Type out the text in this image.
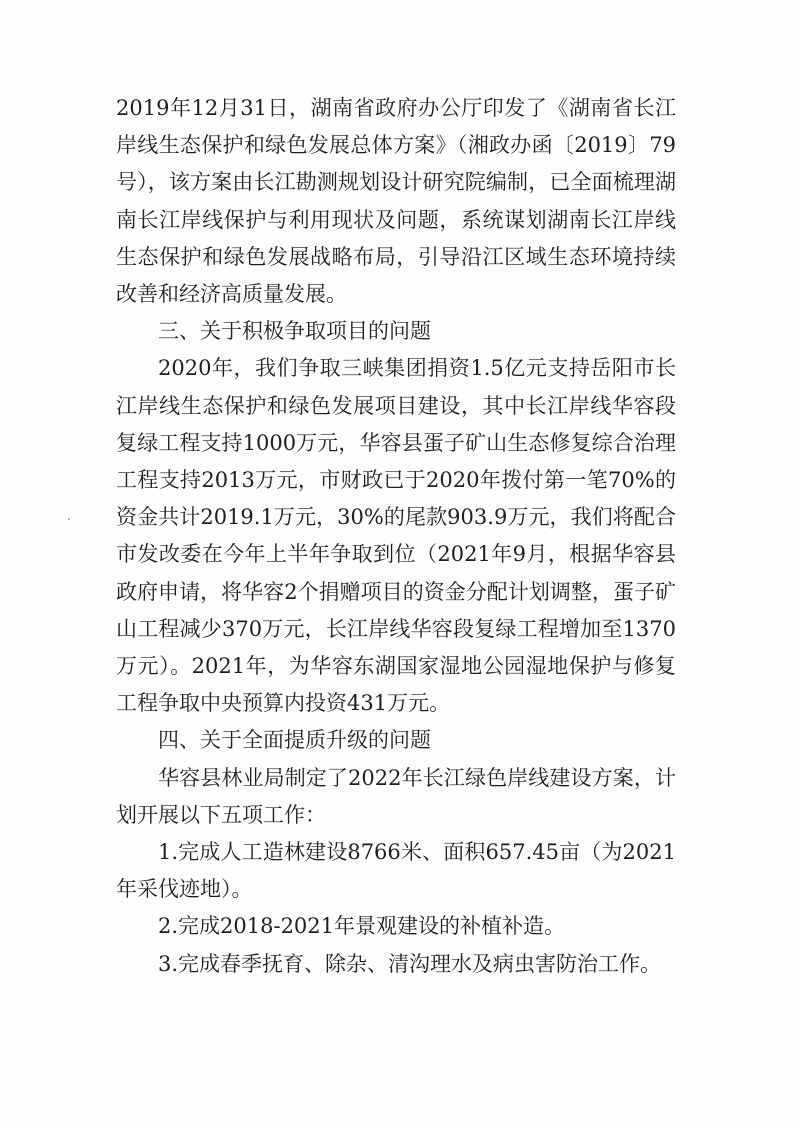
2019年12月31日，湖南省政府办公厅印发了《湖南省长江岸线生态保护和绿色发展总体方案》（湘政办函〔2019〕79号），该方案由长江勘测规划设计研究院编制，已全面梳理湖南长江岸线保护与利用现状及问题，系统谋划湖南长江岸线生态保护和绿色发展战略布局，引导沿江区域生态环境持续改善和经济高质量发展。

三、关于积极争取项目的问题

2020年，我们争取三峡集团捐资1.5亿元支持岳阳市长江岸线生态保护和绿色发展项目建设，其中长江岸线华容段复绿工程支持1000万元，华容县蛋子矿山生态修复综合治理工程支持2013万元，市财政已于2020年拨付第一笔70%的资金共计2019.1万元，30%的尾款903.9万元，我们将配合市发改委在今年上半年争取到位（2021年9月，根据华容县政府申请，将华容2个捐赠项目的资金分配计划调整，蛋子矿山工程减少370万元，长江岸线华容段复绿工程增加至1370万元）。2021年，为华容东湖国家湿地公园湿地保护与修复工程争取中央预算内投资431万元。

四、关于全面提质升级的问题

华容县林业局制定了2022年长江绿色岸线建设方案，计划开展以下五项工作：

1.完成人工造林建设8766米、面积657.45亩（为2021年采伐迹地）。

2.完成2018-2021年景观建设的补植补造。

3.完成春季抚育、除杂、清沟理水及病虫害防治工作。
